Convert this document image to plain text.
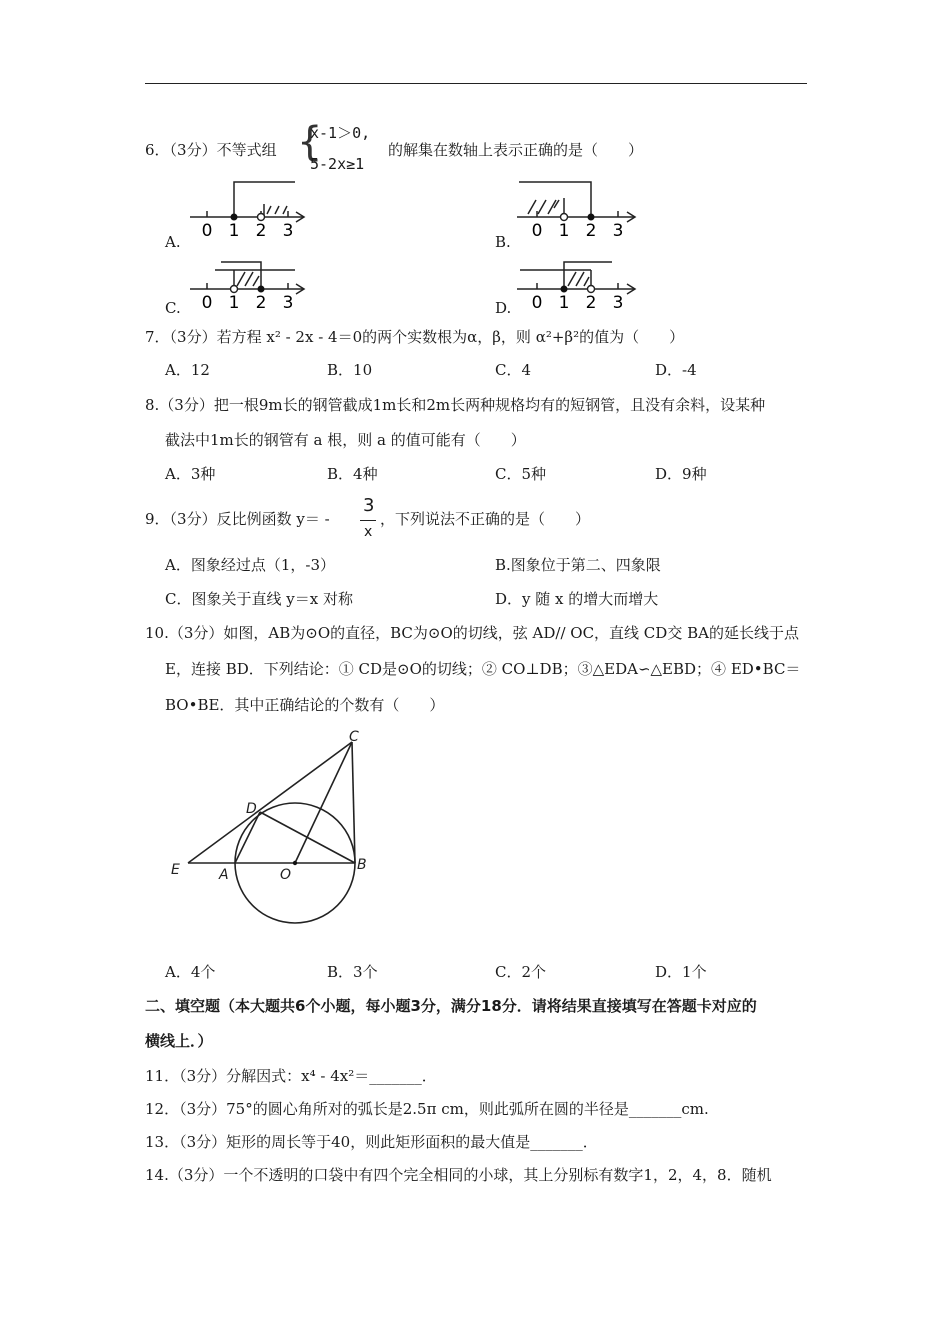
6．（3分）不等式组 {
x-1＞0,
5-2x≥1
的解集在数轴上表示正确的是（　　）
A.	B.
C.	D.
0 1 2 3	0 1 2 3
0 1 2 3	0 1 2 3
7．（3分）若方程 x² - 2x - 4＝0的两个实数根为α，β，则 α²+β²的值为（　　）
A．12	B．10	C．4	D．-4
8.（3分）把一根9m长的钢管截成1m长和2m长两种规格均有的短钢管，且没有余料，设某种
截法中1m长的钢管有 a 根，则 a 的值可能有（　　）
A．3种	B．4种	C．5种	D．9种
9．（3分）反比例函数 y＝ -
3
x
，下列说法不正确的是（　　）
A．图象经过点（1，-3）	B.图象位于第二、四象限
C．图象关于直线 y＝x 对称	D．y 随 x 的增大而增大
10.（3分）如图，AB为⊙O的直径，BC为⊙O的切线，弦 AD// OC，直线 CD交 BA的延长线于点
E，连接 BD．下列结论：① CD是⊙O的切线；② CO⊥DB；③△EDA∽△EBD；④ ED•BC＝
BO•BE．其中正确结论的个数有（　　）
C
D
E	A	O
B
A．4个	B．3个	C．2个	D．1个
二、填空题（本大题共6个小题，每小题3分，满分18分．请将结果直接填写在答题卡对应的
横线上．）
11．（3分）分解因式：x⁴ - 4x²＝_______．
12．（3分）75°的圆心角所对的弧长是2.5π cm，则此弧所在圆的半径是_______cm.
13．（3分）矩形的周长等于40，则此矩形面积的最大值是_______．
14.（3分）一个不透明的口袋中有四个完全相同的小球，其上分别标有数字1，2，4，8．随机
